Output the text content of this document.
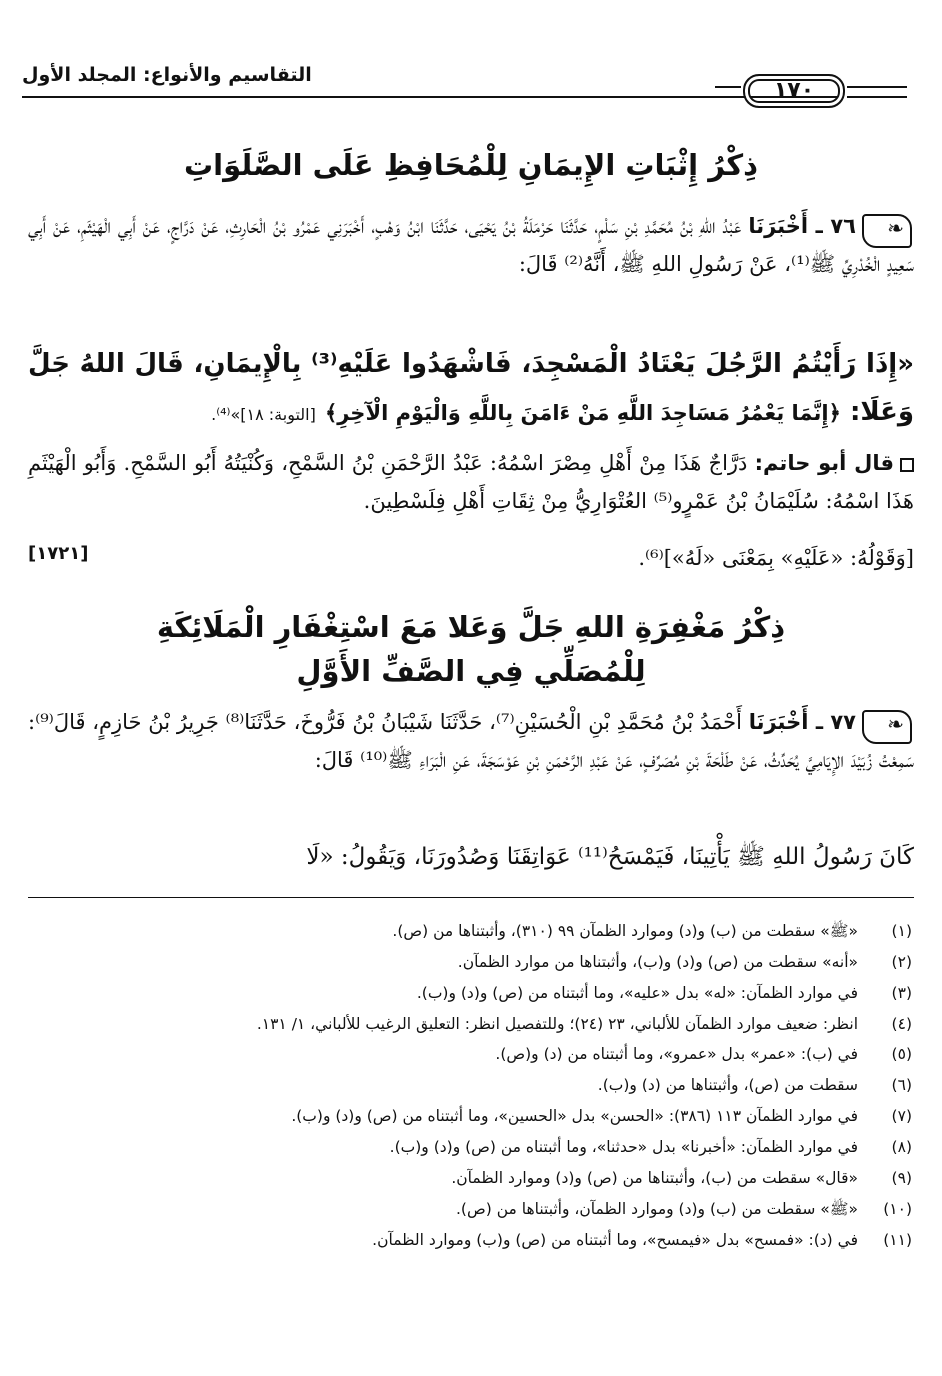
التقاسيم والأنواع: المجلد الأول
١٧٠
ذِكْرُ إِثْبَاتِ الإِيمَانِ لِلْمُحَافِظِ عَلَى الصَّلَوَاتِ
❧
٧٦ ـ أَخْبَرَنَا عَبْدُ اللهِ بْنُ مُحَمَّدِ بْنِ سَلْمٍ، حَدَّثَنَا حَرْمَلَةُ بْنُ يَحْيَى، حَدَّثَنَا ابْنُ وَهْبٍ، أَخْبَرَنِي عَمْرُو بْنُ الْحَارِثِ، عَنْ دَرَّاجٍ، عَنْ أَبِي الْهَيْثَمِ، عَنْ أَبِي سَعِيدٍ الْخُدْرِيِّ ﷺ⁽¹⁾، عَنْ رَسُولِ اللهِ ﷺ، أَنَّهُ⁽²⁾ قَالَ:
«إِذَا رَأَيْتُمُ الرَّجُلَ يَعْتَادُ الْمَسْجِدَ، فَاشْهَدُوا عَلَيْهِ⁽³⁾ بِالْإِيمَانِ، قَالَ اللهُ جَلَّ وَعَلَا: ﴿إِنَّمَا يَعْمُرُ مَسَاجِدَ اللَّهِ مَنْ ءَامَنَ بِاللَّهِ وَالْيَوْمِ الْآخِرِ﴾ [التوبة: ١٨]»⁽⁴⁾.
قال أبو حاتم: دَرَّاجٌ هَذَا مِنْ أَهْلِ مِصْرَ اسْمُهُ: عَبْدُ الرَّحْمَنِ بْنُ السَّمْحِ، وَكُنْيَتُهُ أَبُو السَّمْحِ. وَأَبُو الْهَيْثَمِ هَذَا اسْمُهُ: سُلَيْمَانُ بْنُ عَمْرٍو⁽⁵⁾ العُتْوَارِيُّ مِنْ ثِقَاتِ أَهْلِ فِلَسْطِينَ.
[وَقَوْلُهُ: «عَلَيْهِ» بِمَعْنَى «لَهُ»]⁽⁶⁾.
[١٧٢١]
ذِكْرُ مَغْفِرَةِ اللهِ جَلَّ وَعَلا مَعَ اسْتِغْفَارِ الْمَلَائِكَةِ
لِلْمُصَلِّي فِي الصَّفِّ الأَوَّلِ
❧
٧٧ ـ أَخْبَرَنَا أَحْمَدُ بْنُ مُحَمَّدِ بْنِ الْحُسَيْنِ⁽⁷⁾، حَدَّثَنَا شَيْبَانُ بْنُ فَرُّوخَ، حَدَّثَنَا⁽⁸⁾ جَرِيرُ بْنُ حَازِمٍ، قَالَ⁽⁹⁾: سَمِعْتُ زُبَيْدَ الإِيَامِيَّ يُحَدِّثُ، عَنْ طَلْحَةَ بْنِ مُصَرِّفٍ، عَنْ عَبْدِ الرَّحْمَنِ بْنِ عَوْسَجَةَ، عَنِ الْبَرَاءِ ﷺ⁽¹⁰⁾ قَالَ:
كَانَ رَسُولُ اللهِ ﷺ يَأْتِينَا، فَيَمْسَحُ⁽¹¹⁾ عَوَاتِقَنَا وَصُدُورَنَا، وَيَقُولُ: «لَا
(١)
«ﷺ» سقطت من (ب) و(د) وموارد الظمآن ٩٩ (٣١٠)، وأثبتناها من (ص).
(٢)
«أنه» سقطت من (ص) و(د) و(ب)، وأثبتناها من موارد الظمآن.
(٣)
في موارد الظمآن: «له» بدل «عليه»، وما أثبتناه من (ص) و(د) و(ب).
(٤)
انظر: ضعيف موارد الظمآن للألباني، ٢٣ (٢٤)؛ وللتفصيل انظر: التعليق الرغيب للألباني، ١/ ١٣١.
(٥)
في (ب): «عمر» بدل «عمرو»، وما أثبتناه من (د) و(ص).
(٦)
سقطت من (ص)، وأثبتناها من (د) و(ب).
(٧)
في موارد الظمآن ١١٣ (٣٨٦): «الحسن» بدل «الحسين»، وما أثبتناه من (ص) و(د) و(ب).
(٨)
في موارد الظمآن: «أخبرنا» بدل «حدثنا»، وما أثبتناه من (ص) و(د) و(ب).
(٩)
«قال» سقطت من (ب)، وأثبتناها من (ص) و(د) وموارد الظمآن.
(١٠)
«ﷺ» سقطت من (ب) و(د) وموارد الظمآن، وأثبتناها من (ص).
(١١)
في (د): «فمسح» بدل «فيمسح»، وما أثبتناه من (ص) و(ب) وموارد الظمآن.
